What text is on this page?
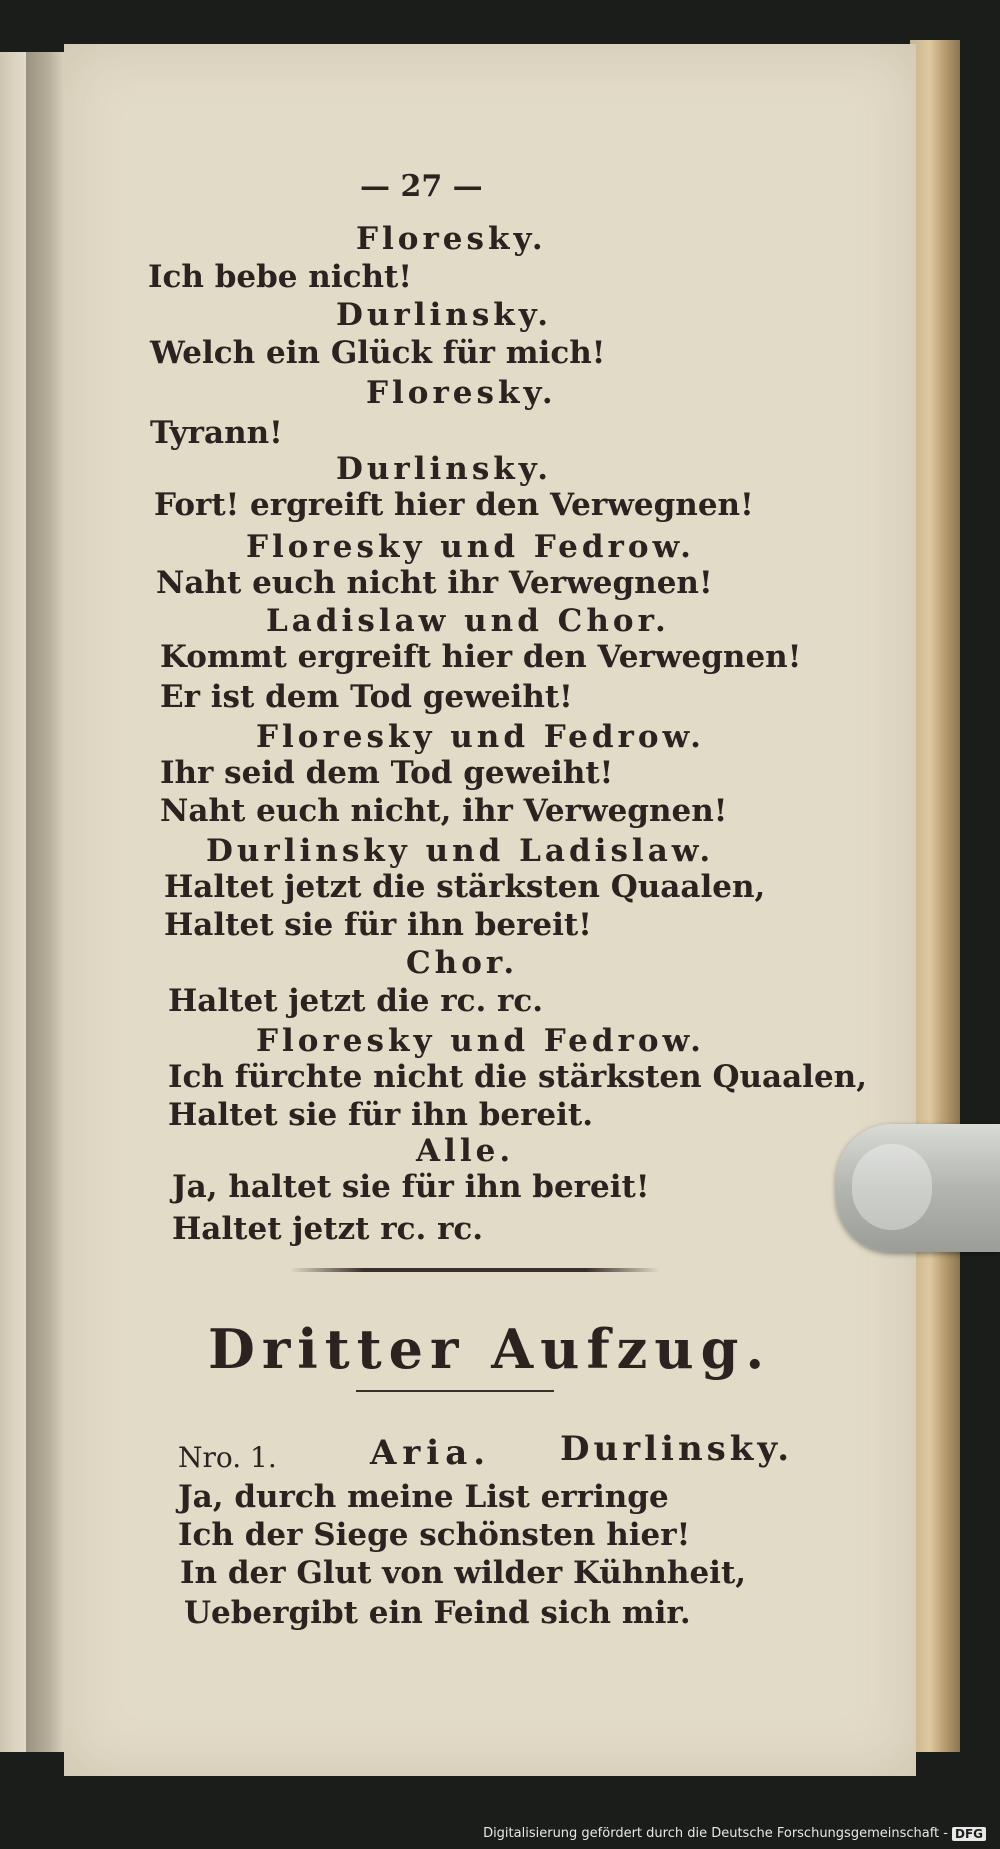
— 27 —
Floresky.
Ich bebe nicht!
Durlinsky.
Welch ein Glück für mich!
Floresky.
Tyrann!
Durlinsky.
Fort! ergreift hier den Verwegnen!
Floresky und Fedrow.
Naht euch nicht ihr Verwegnen!
Ladislaw und Chor.
Kommt ergreift hier den Verwegnen!
Er ist dem Tod geweiht!
Floresky und Fedrow.
Ihr seid dem Tod geweiht!
Naht euch nicht, ihr Verwegnen!
Durlinsky und Ladislaw.
Haltet jetzt die stärksten Quaalen,
Haltet sie für ihn bereit!
Chor.
Haltet jetzt die rc. rc.
Floresky und Fedrow.
Ich fürchte nicht die stärksten Quaalen,
Haltet sie für ihn bereit.
Alle.
Ja, haltet sie für ihn bereit!
Haltet jetzt rc. rc.
Dritter Aufzug.
Nro. 1.	Aria. Durlinsky.
Ja, durch meine List erringe
Ich der Siege schönsten hier!
In der Glut von wilder Kühnheit,
Uebergibt ein Feind sich mir.
Digitalisierung gefördert durch die Deutsche Forschungsgemeinschaft - DFG
